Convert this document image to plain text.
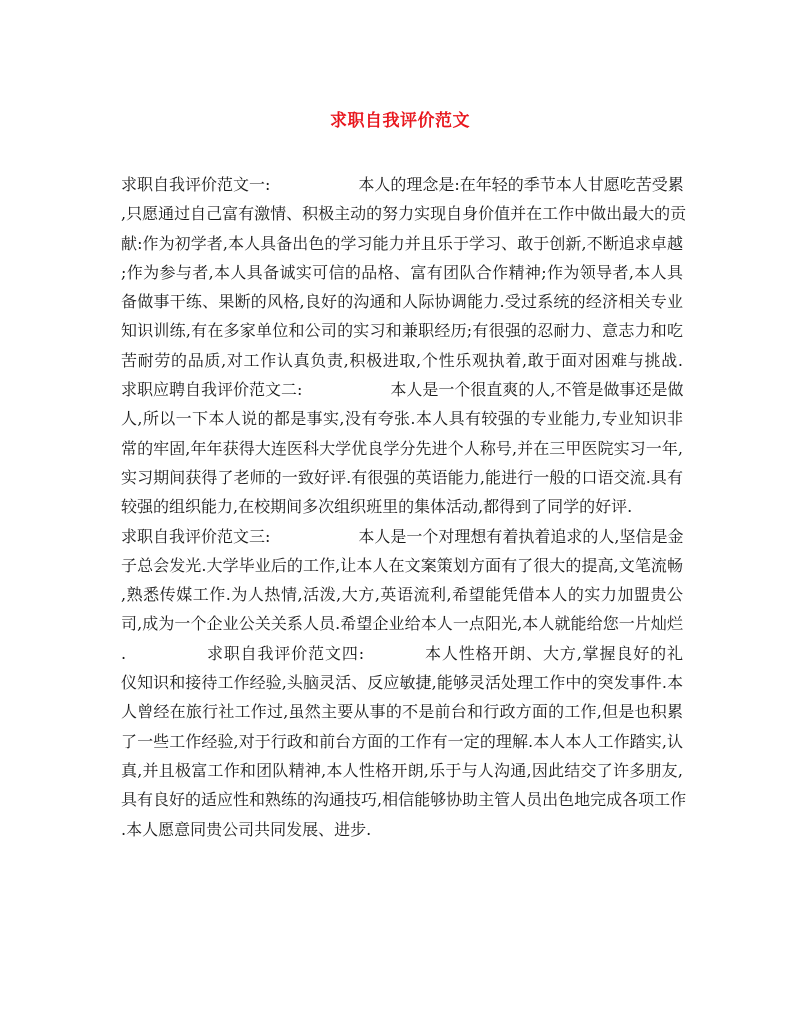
求职自我评价范文
求职自我评价范文一:	本人的理念是:在年轻的季节本人甘愿吃苦受累
,只愿通过自己富有激情、积极主动的努力实现自身价值并在工作中做出最大的贡
献:作为初学者,本人具备出色的学习能力并且乐于学习、敢于创新,不断追求卓越
;作为参与者,本人具备诚实可信的品格、富有团队合作精神;作为领导者,本人具
备做事干练、果断的风格,良好的沟通和人际协调能力.受过系统的经济相关专业
知识训练,有在多家单位和公司的实习和兼职经历;有很强的忍耐力、意志力和吃
苦耐劳的品质,对工作认真负责,积极进取,个性乐观执着,敢于面对困难与挑战.
求职应聘自我评价范文二:	本人是一个很直爽的人,不管是做事还是做
人,所以一下本人说的都是事实,没有夸张.本人具有较强的专业能力,专业知识非
常的牢固,年年获得大连医科大学优良学分先进个人称号,并在三甲医院实习一年,
实习期间获得了老师的一致好评.有很强的英语能力,能进行一般的口语交流.具有
较强的组织能力,在校期间多次组织班里的集体活动,都得到了同学的好评.
求职自我评价范文三:	本人是一个对理想有着执着追求的人,坚信是金
子总会发光.大学毕业后的工作,让本人在文案策划方面有了很大的提高,文笔流畅
,熟悉传媒工作.为人热情,活泼,大方,英语流利,希望能凭借本人的实力加盟贵公
司,成为一个企业公关关系人员.希望企业给本人一点阳光,本人就能给您一片灿烂
.	求职自我评价范文四:	本人性格开朗、大方,掌握良好的礼
仪知识和接待工作经验,头脑灵活、反应敏捷,能够灵活处理工作中的突发事件.本
人曾经在旅行社工作过,虽然主要从事的不是前台和行政方面的工作,但是也积累
了一些工作经验,对于行政和前台方面的工作有一定的理解.本人本人工作踏实,认
真,并且极富工作和团队精神,本人性格开朗,乐于与人沟通,因此结交了许多朋友,
具有良好的适应性和熟练的沟通技巧,相信能够协助主管人员出色地完成各项工作
.本人愿意同贵公司共同发展、进步.
